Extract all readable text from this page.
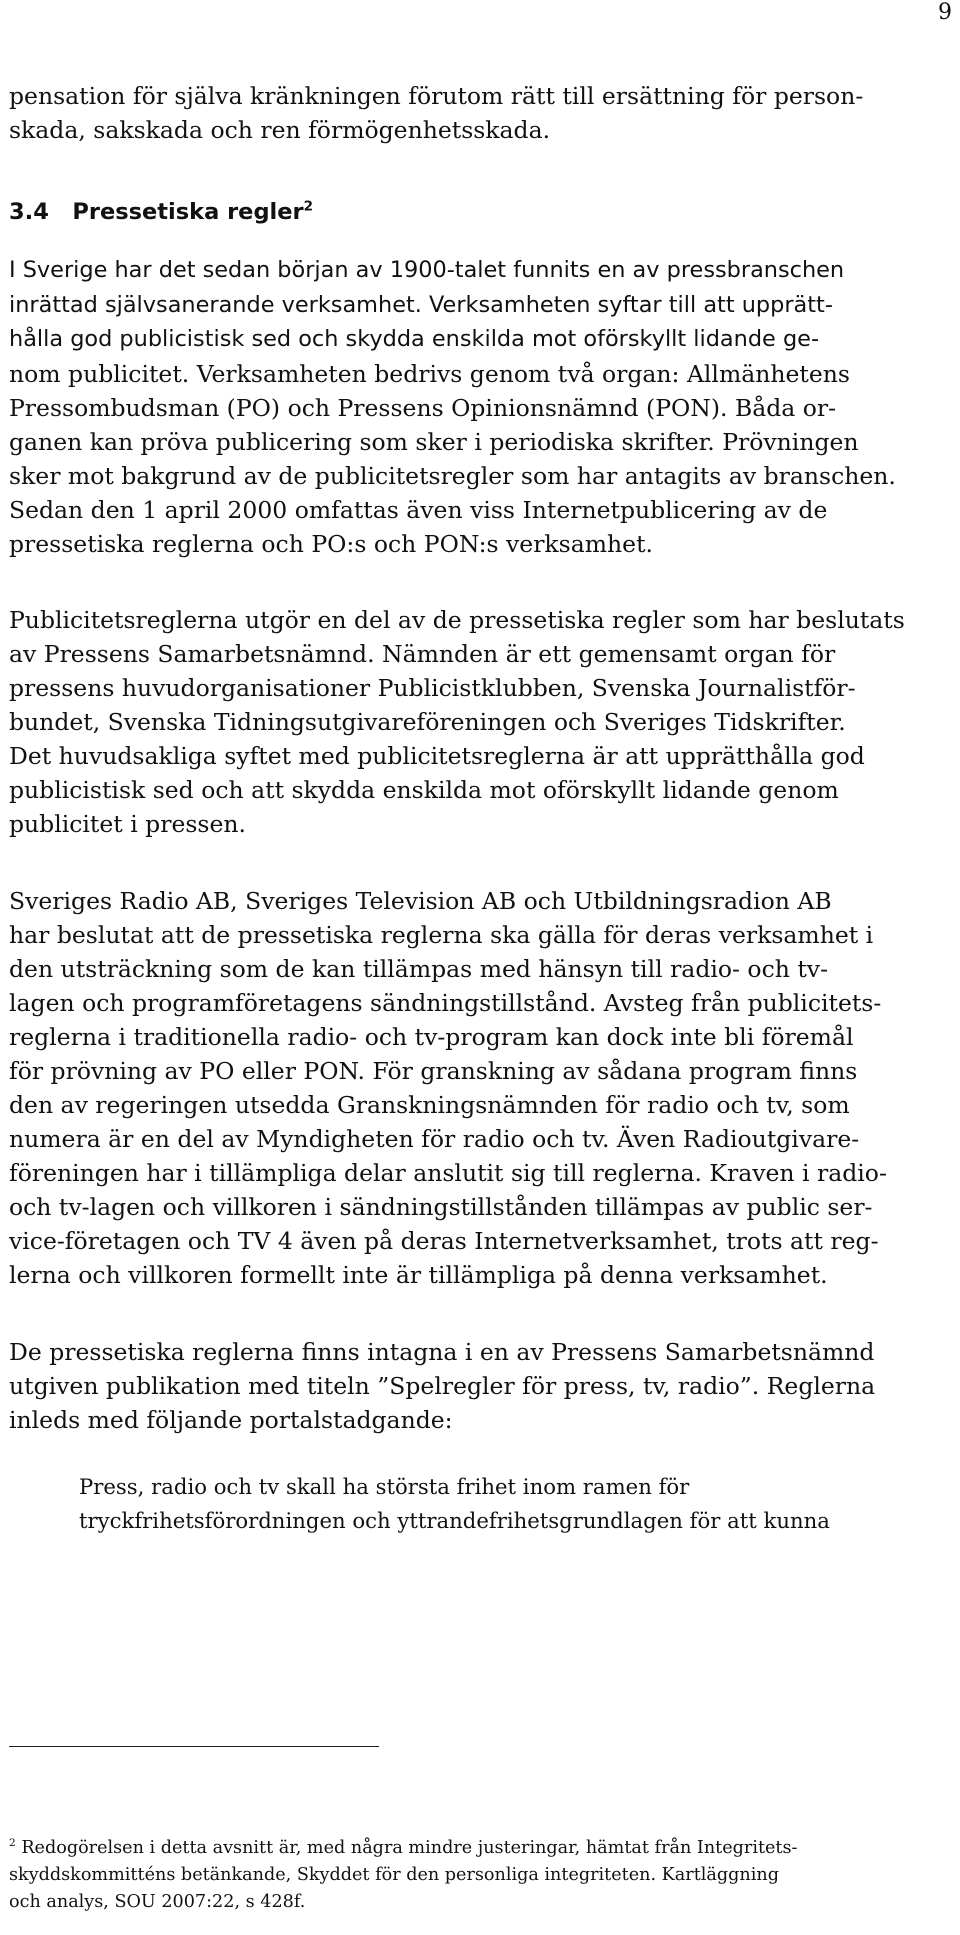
9
pensation för själva kränkningen förutom rätt till ersättning för person-
skada, sakskada och ren förmögenhetsskada.
3.4 Pressetiska regler$^2$
I Sverige har det sedan början av 1900-talet funnits en av pressbranschen
inrättad självsanerande verksamhet. Verksamheten syftar till att upprätt-
hålla god publicistisk sed och skydda enskilda mot oförskyllt lidande ge-
nom publicitet. Verksamheten bedrivs genom två organ: Allmänhetens
Pressombudsman (PO) och Pressens Opinionsnämnd (PON). Båda or-
ganen kan pröva publicering som sker i periodiska skrifter. Prövningen
sker mot bakgrund av de publicitetsregler som har antagits av branschen.
Sedan den 1 april 2000 omfattas även viss Internetpublicering av de
pressetiska reglerna och PO:s och PON:s verksamhet.
Publicitetsreglerna utgör en del av de pressetiska regler som har beslutats
av Pressens Samarbetsnämnd. Nämnden är ett gemensamt organ för
pressens huvudorganisationer Publicistklubben, Svenska Journalistför-
bundet, Svenska Tidningsutgivareföreningen och Sveriges Tidskrifter.
Det huvudsakliga syftet med publicitetsreglerna är att upprätthålla god
publicistisk sed och att skydda enskilda mot oförskyllt lidande genom
publicitet i pressen.
Sveriges Radio AB, Sveriges Television AB och Utbildningsradion AB
har beslutat att de pressetiska reglerna ska gälla för deras verksamhet i
den utsträckning som de kan tillämpas med hänsyn till radio- och tv-
lagen och programföretagens sändningstillstånd. Avsteg från publicitets-
reglerna i traditionella radio- och tv-program kan dock inte bli föremål
för prövning av PO eller PON. För granskning av sådana program finns
den av regeringen utsedda Granskningsnämnden för radio och tv, som
numera är en del av Myndigheten för radio och tv. Även Radioutgivare-
föreningen har i tillämpliga delar anslutit sig till reglerna. Kraven i radio-
och tv-lagen och villkoren i sändningstillstånden tillämpas av public ser-
vice-företagen och TV 4 även på deras Internetverksamhet, trots att reg-
lerna och villkoren formellt inte är tillämpliga på denna verksamhet.
De pressetiska reglerna finns intagna i en av Pressens Samarbetsnämnd
utgiven publikation med titeln ”Spelregler för press, tv, radio”. Reglerna
inleds med följande portalstadgande:
Press, radio och tv skall ha största frihet inom ramen för
tryckfrihetsförordningen och yttrandefrihetsgrundlagen för att kunna
$^2$ Redogörelsen i detta avsnitt är, med några mindre justeringar, hämtat från Integritets-
skyddskommitténs betänkande, Skyddet för den personliga integriteten. Kartläggning
och analys, SOU 2007:22, s 428f.
